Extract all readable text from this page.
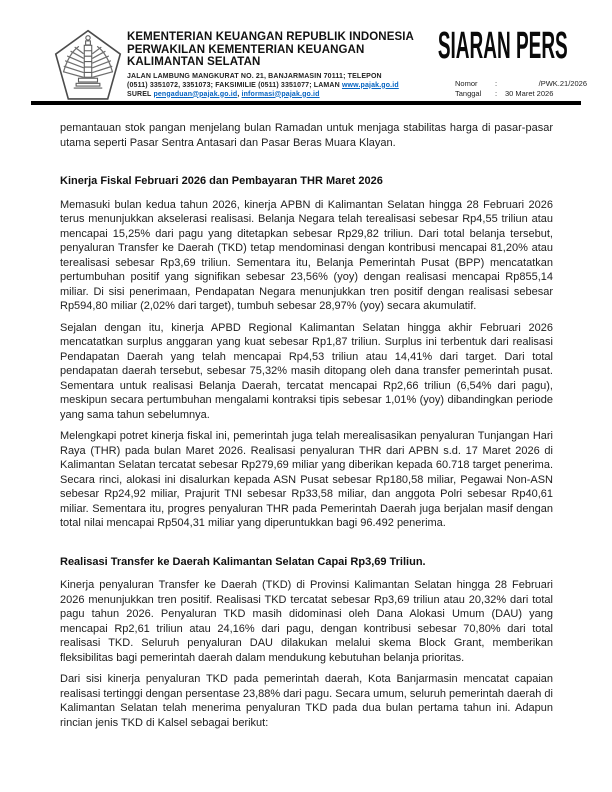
KEMENTERIAN KEUANGAN REPUBLIK INDONESIA
PERWAKILAN KEMENTERIAN KEUANGAN
KALIMANTAN SELATAN
JALAN LAMBUNG MANGKURAT NO. 21, BANJARMASIN 70111; TELEPON
(0511) 3351072, 3351073; FAKSIMILIE (0511) 3351077; LAMAN www.pajak.go.id
SUREL pengaduan@pajak.go.id, informasi@pajak.go.id
SIARAN PERS
Nomor	:	/PWK.21/2026
Tanggal	:	30 Maret 2026

pemantauan stok pangan menjelang bulan Ramadan untuk menjaga stabilitas harga di pasar-pasar utama seperti Pasar Sentra Antasari dan Pasar Beras Muara Klayan.

Kinerja Fiskal Februari 2026 dan Pembayaran THR Maret 2026

Memasuki bulan kedua tahun 2026, kinerja APBN di Kalimantan Selatan hingga 28 Februari 2026 terus menunjukkan akselerasi realisasi. Belanja Negara telah terealisasi sebesar Rp4,55 triliun atau mencapai 15,25% dari pagu yang ditetapkan sebesar Rp29,82 triliun. Dari total belanja tersebut, penyaluran Transfer ke Daerah (TKD) tetap mendominasi dengan kontribusi mencapai 81,20% atau terealisasi sebesar Rp3,69 triliun. Sementara itu, Belanja Pemerintah Pusat (BPP) mencatatkan pertumbuhan positif yang signifikan sebesar 23,56% (yoy) dengan realisasi mencapai Rp855,14 miliar. Di sisi penerimaan, Pendapatan Negara menunjukkan tren positif dengan realisasi sebesar Rp594,80 miliar (2,02% dari target), tumbuh sebesar 28,97% (yoy) secara akumulatif.

Sejalan dengan itu, kinerja APBD Regional Kalimantan Selatan hingga akhir Februari 2026 mencatatkan surplus anggaran yang kuat sebesar Rp1,87 triliun. Surplus ini terbentuk dari realisasi Pendapatan Daerah yang telah mencapai Rp4,53 triliun atau 14,41% dari target. Dari total pendapatan daerah tersebut, sebesar 75,32% masih ditopang oleh dana transfer pemerintah pusat. Sementara untuk realisasi Belanja Daerah, tercatat mencapai Rp2,66 triliun (6,54% dari pagu), meskipun secara pertumbuhan mengalami kontraksi tipis sebesar 1,01% (yoy) dibandingkan periode yang sama tahun sebelumnya.

Melengkapi potret kinerja fiskal ini, pemerintah juga telah merealisasikan penyaluran Tunjangan Hari Raya (THR) pada bulan Maret 2026. Realisasi penyaluran THR dari APBN s.d. 17 Maret 2026 di Kalimantan Selatan tercatat sebesar Rp279,69 miliar yang diberikan kepada 60.718 target penerima. Secara rinci, alokasi ini disalurkan kepada ASN Pusat sebesar Rp180,58 miliar, Pegawai Non-ASN sebesar Rp24,92 miliar, Prajurit TNI sebesar Rp33,58 miliar, dan anggota Polri sebesar Rp40,61 miliar. Sementara itu, progres penyaluran THR pada Pemerintah Daerah juga berjalan masif dengan total nilai mencapai Rp504,31 miliar yang diperuntukkan bagi 96.492 penerima.

Realisasi Transfer ke Daerah Kalimantan Selatan Capai Rp3,69 Triliun.

Kinerja penyaluran Transfer ke Daerah (TKD) di Provinsi Kalimantan Selatan hingga 28 Februari 2026 menunjukkan tren positif. Realisasi TKD tercatat sebesar Rp3,69 triliun atau 20,32% dari total pagu tahun 2026. Penyaluran TKD masih didominasi oleh Dana Alokasi Umum (DAU) yang mencapai Rp2,61 triliun atau 24,16% dari pagu, dengan kontribusi sebesar 70,80% dari total realisasi TKD. Seluruh penyaluran DAU dilakukan melalui skema Block Grant, memberikan fleksibilitas bagi pemerintah daerah dalam mendukung kebutuhan belanja prioritas.

Dari sisi kinerja penyaluran TKD pada pemerintah daerah, Kota Banjarmasin mencatat capaian realisasi tertinggi dengan persentase 23,88% dari pagu. Secara umum, seluruh pemerintah daerah di Kalimantan Selatan telah menerima penyaluran TKD pada dua bulan pertama tahun ini. Adapun rincian jenis TKD di Kalsel sebagai berikut:
